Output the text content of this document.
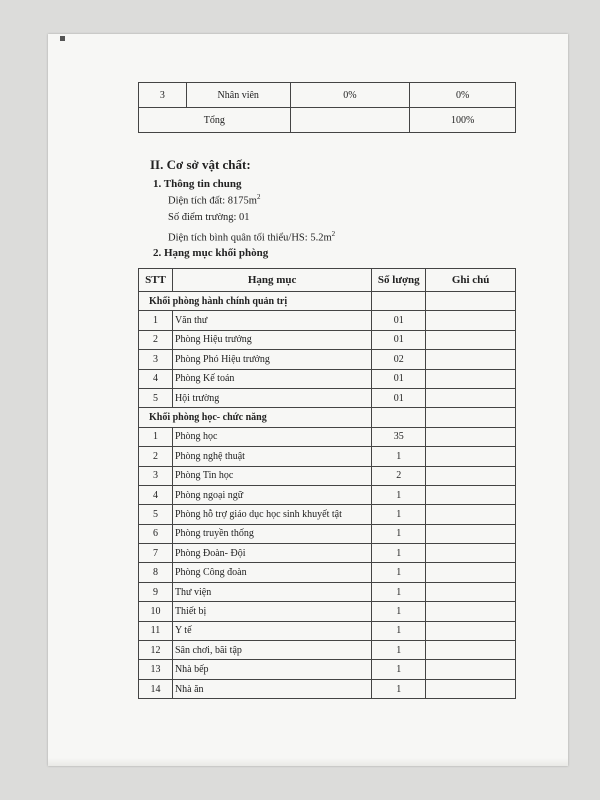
3	Nhân viên	0%	0%
Tổng			100%
II. Cơ sở vật chất:
1. Thông tin chung
Diện tích đất: $8175m^2$
Số điểm trường: 01
Diện tích bình quân tối thiểu/HS: $5.2m^2$
2. Hạng mục khối phòng
STT	Hạng mục	Số lượng	Ghi chú
Khối phòng hành chính quản trị			
1	Văn thư	01	
2	Phòng Hiệu trưởng	01	
3	Phòng Phó Hiệu trưởng	02	
4	Phòng Kế toán	01	
5	Hội trường	01	
Khối phòng học- chức năng			
1	Phòng học	35	
2	Phòng nghệ thuật	1	
3	Phòng Tin học	2	
4	Phòng ngoại ngữ	1	
5	Phòng hỗ trợ giáo dục học sinh khuyết tật	1	
6	Phòng truyền thống	1	
7	Phòng Đoàn- Đội	1	
8	Phòng Công đoàn	1	
9	Thư viện	1	
10	Thiết bị	1	
11	Y tế	1	
12	Sân chơi, bãi tập	1	
13	Nhà bếp	1	
14	Nhà ăn	1	
